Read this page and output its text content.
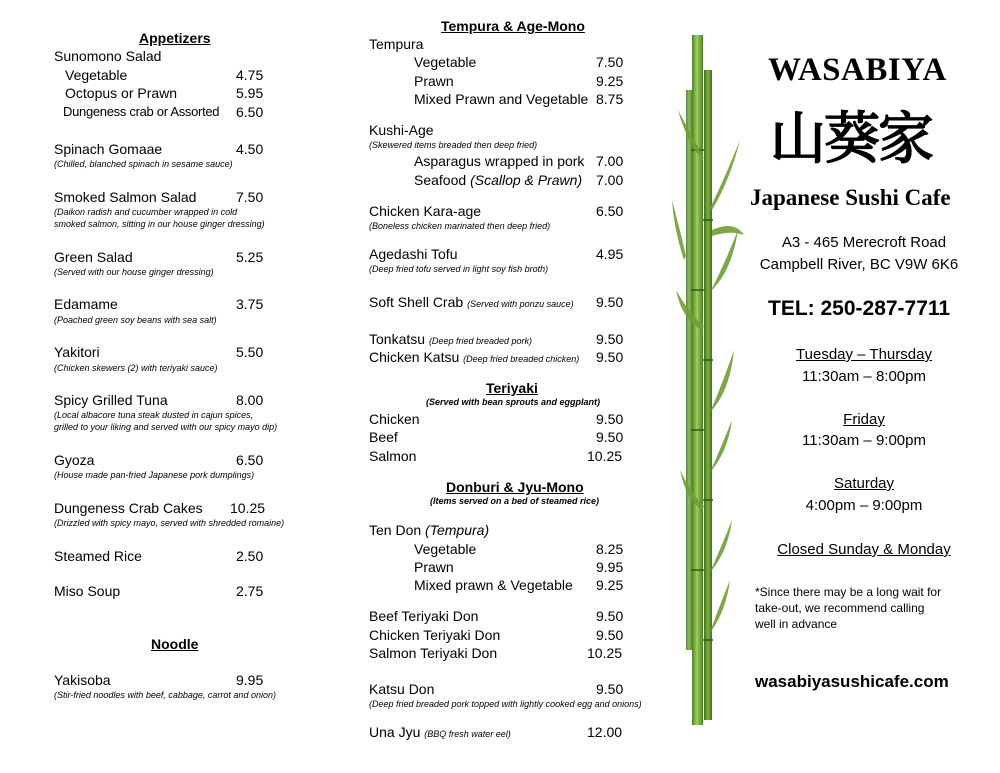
Appetizers
Sunomono Salad
Vegetable	4.75
Octopus or Prawn	5.95
Dungeness crab or Assorted 6.50
Spinach Gomaae	4.50
(Chilled, blanched spinach in sesame sauce)
Smoked Salmon Salad	7.50
(Daikon radish and cucumber wrapped in cold
smoked salmon, sitting in our house ginger dressing)
Green Salad	5.25
(Served with our house ginger dressing)
Edamame	3.75
(Poached green soy beans with sea salt)
Yakitori	5.50
(Chicken skewers (2) with teriyaki sauce)
Spicy Grilled Tuna	8.00
(Local albacore tuna steak dusted in cajun spices,
grilled to your liking and served with our spicy mayo dip)
Gyoza	6.50
(House made pan-fried Japanese pork dumplings)
Dungeness Crab Cakes 10.25
(Drizzled with spicy mayo, served with shredded romaine)
Steamed Rice	2.50
Miso Soup	2.75
Noodle
Yakisoba	9.95
(Stir-fried noodles with beef, cabbage, carrot and onion)
Tempura & Age-Mono
Tempura
Vegetable	7.50
Prawn	9.25
Mixed Prawn and Vegetable 8.75
Kushi-Age
(Skewered items breaded then deep fried)
Asparagus wrapped in pork 7.00
Seafood (Scallop & Prawn) 7.00
Chicken Kara-age	6.50
(Boneless chicken marinated then deep fried)
Agedashi Tofu	4.95
(Deep fried tofu served in light soy fish broth)
Soft Shell Crab (Served with ponzu sauce) 9.50
Tonkatsu (Deep fried breaded pork)	9.50
Chicken Katsu (Deep fried breaded chicken) 9.50
Teriyaki
(Served with bean sprouts and eggplant)
Chicken	9.50
Beef	9.50
Salmon	10.25
Donburi & Jyu-Mono
(Items served on a bed of steamed rice)
Ten Don (Tempura)
Vegetable	8.25
Prawn	9.95
Mixed prawn & Vegetable 9.25
Beef Teriyaki Don	9.50
Chicken Teriyaki Don	9.50
Salmon Teriyaki Don	10.25
Katsu Don	9.50
(Deep fried breaded pork topped with lightly cooked egg and onions)
Una Jyu (BBQ fresh water eel)	12.00
WASABIYA
山葵家
Japanese Sushi Cafe
A3 - 465 Merecroft Road
Campbell River, BC V9W 6K6
TEL: 250-287-7711
Tuesday – Thursday
11:30am – 8:00pm
Friday
11:30am – 9:00pm
Saturday
4:00pm – 9:00pm
Closed Sunday & Monday
*Since there may be a long wait for
take-out, we recommend calling
well in advance
wasabiyasushicafe.com
